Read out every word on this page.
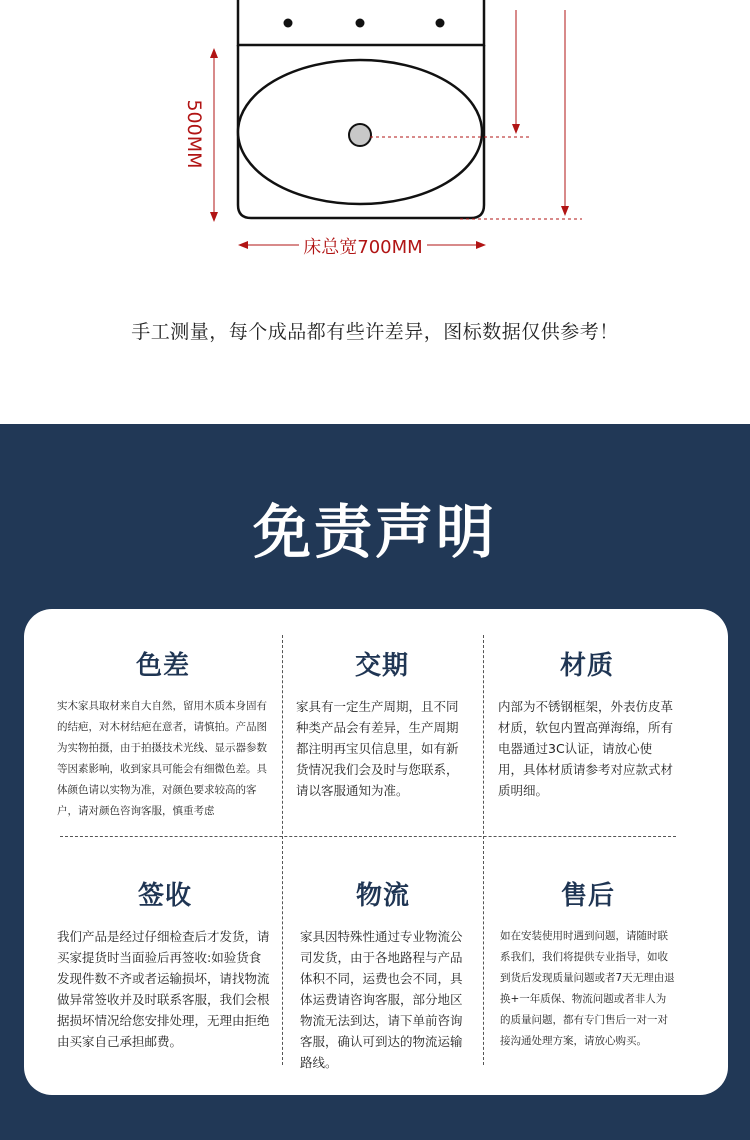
500MM
床总宽700MM
手工测量，每个成品都有些许差异，图标数据仅供参考！
免责声明
色差

实木家具取材来自大自然，留用木质本身固有的结疤，对木材结疤在意者，请慎拍。产品图为实物拍摄，由于拍摄技术光线、显示器参数等因素影响，收到家具可能会有细微色差。具体颜色请以实物为准，对颜色要求较高的客户，请对颜色咨询客服，慎重考虑

交期

家具有一定生产周期，且不同种类产品会有差异，生产周期都注明再宝贝信息里，如有新货情况我们会及时与您联系，请以客服通知为准。

材质

内部为不锈钢框架，外表仿皮革材质，软包内置高弹海绵，所有电器通过3C认证，请放心使用，具体材质请参考对应款式材质明细。

签收

我们产品是经过仔细检查后才发货，请买家提货时当面验后再签收:如验货食发现件数不齐或者运输损坏，请找物流做异常签收并及时联系客服，我们会根据损坏情况给您安排处理，无理由拒绝由买家自己承担邮费。

物流

家具因特殊性通过专业物流公司发货，由于各地路程与产品体积不同，运费也会不同，具体运费请咨询客服，部分地区物流无法到达，请下单前咨询客服，确认可到达的物流运输路线。

售后

如在安装使用时遇到问题，请随时联系我们，我们将提供专业指导，如收到货后发现质量问题或者7天无理由退换+一年质保、物流问题或者非人为的质量问题，都有专门售后一对一对接沟通处理方案，请放心购买。
